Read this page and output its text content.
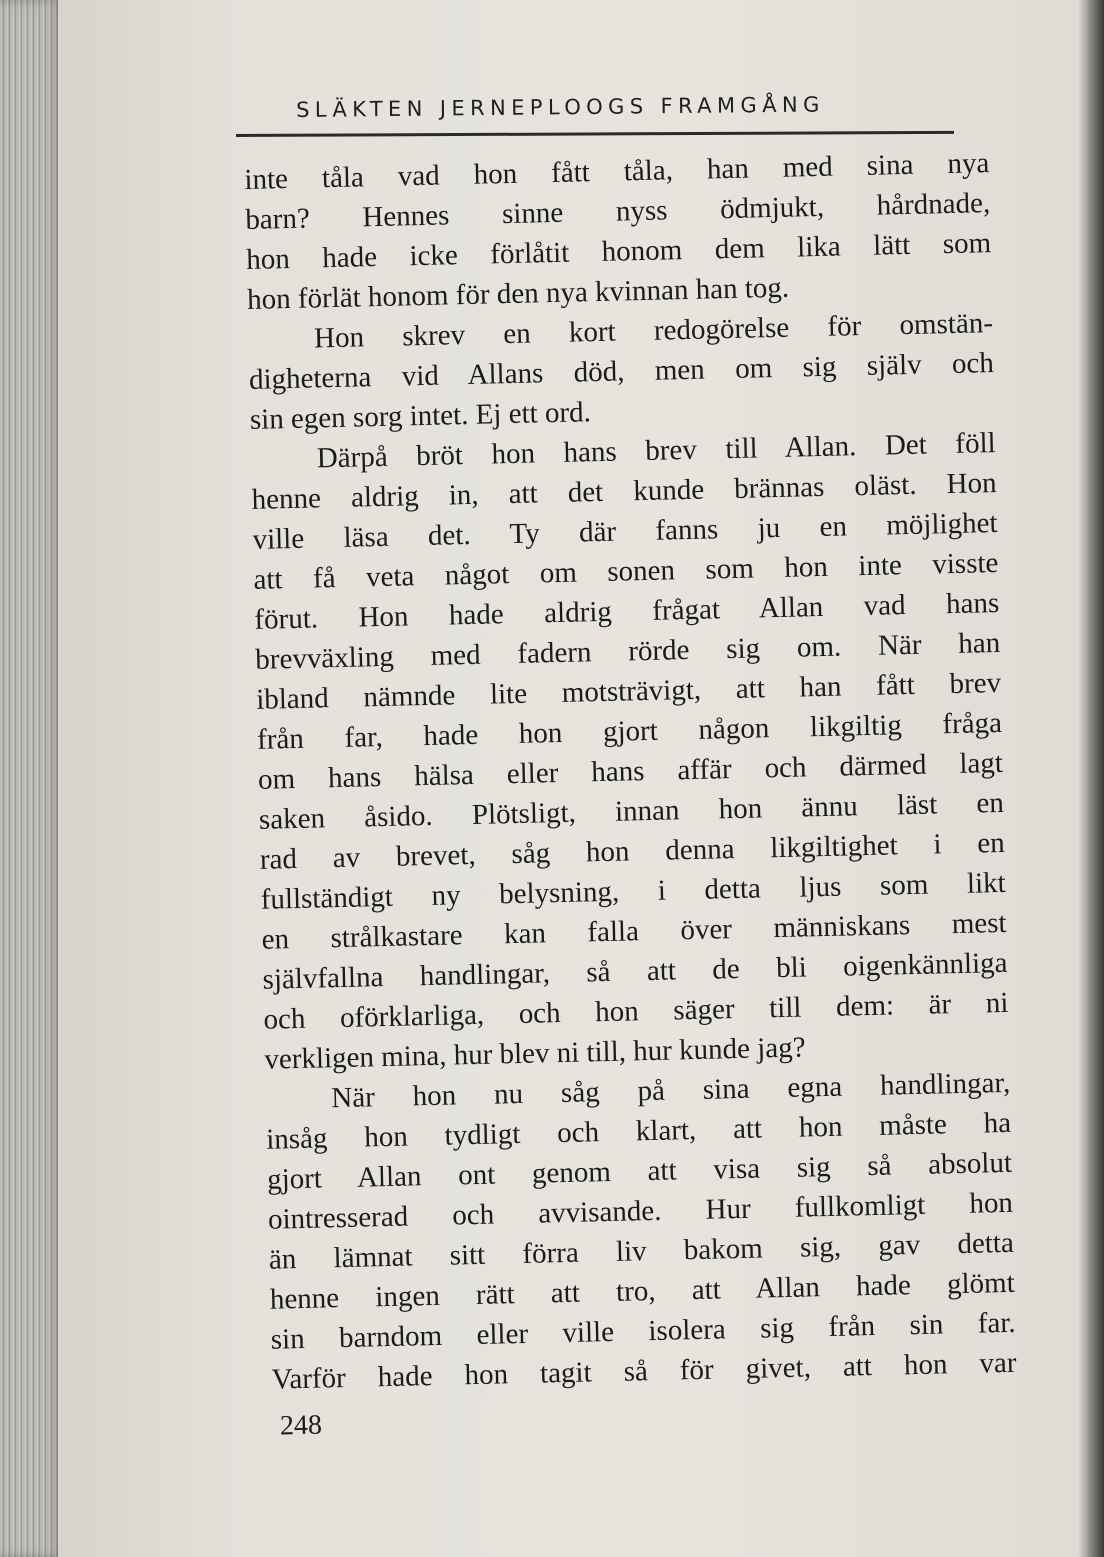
SLÄKTEN JERNEPLOOGS FRAMGÅNG
inte tåla vad hon fått tåla, han med sina nya
barn? Hennes sinne nyss ödmjukt, hårdnade,
hon hade icke förlåtit honom dem lika lätt som
hon förlät honom för den nya kvinnan han tog.
Hon skrev en kort redogörelse för omstän-
digheterna vid Allans död, men om sig själv och
sin egen sorg intet. Ej ett ord.
Därpå bröt hon hans brev till Allan. Det föll
henne aldrig in, att det kunde brännas oläst. Hon
ville läsa det. Ty där fanns ju en möjlighet
att få veta något om sonen som hon inte visste
förut. Hon hade aldrig frågat Allan vad hans
brevväxling med fadern rörde sig om. När han
ibland nämnde lite motsträvigt, att han fått brev
från far, hade hon gjort någon likgiltig fråga
om hans hälsa eller hans affär och därmed lagt
saken åsido. Plötsligt, innan hon ännu läst en
rad av brevet, såg hon denna likgiltighet i en
fullständigt ny belysning, i detta ljus som likt
en strålkastare kan falla över människans mest
självfallna handlingar, så att de bli oigenkännliga
och oförklarliga, och hon säger till dem: är ni
verkligen mina, hur blev ni till, hur kunde jag?
När hon nu såg på sina egna handlingar,
insåg hon tydligt och klart, att hon måste ha
gjort Allan ont genom att visa sig så absolut
ointresserad och avvisande. Hur fullkomligt hon
än lämnat sitt förra liv bakom sig, gav detta
henne ingen rätt att tro, att Allan hade glömt
sin barndom eller ville isolera sig från sin far.
Varför hade hon tagit så för givet, att hon var
248
